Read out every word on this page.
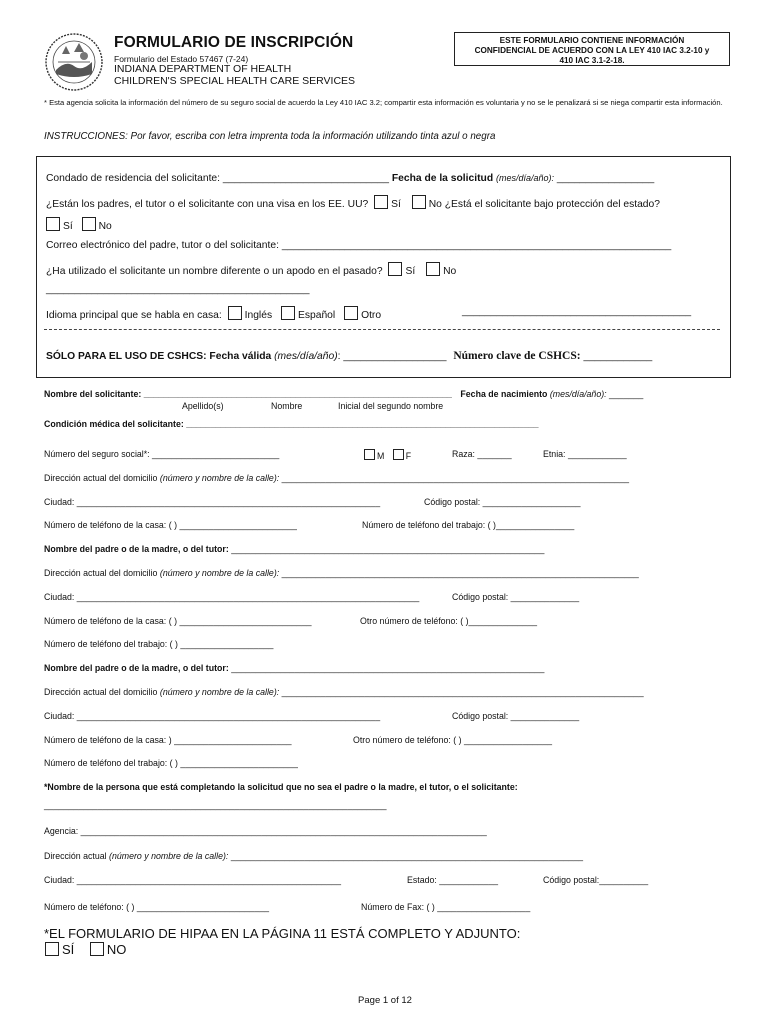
FORMULARIO DE INSCRIPCIÓN
Formulario del Estado 57467 (7-24)
INDIANA DEPARTMENT OF HEALTH
CHILDREN'S SPECIAL HEALTH CARE SERVICES
ESTE FORMULARIO CONTIENE INFORMACIÓN
CONFIDENCIAL DE ACUERDO CON LA LEY 410 IAC 3.2-10 y
410 IAC 3.1-2-18.
* Esta agencia solicita la información del número de su seguro social de acuerdo la Ley 410 IAC 3.2; compartir esta información es voluntaria y no se le penalizará si se niega compartir esta información.
INSTRUCCIONES: Por favor, escriba con letra imprenta toda la información utilizando tinta azul o negra
Condado de residencia del solicitante: _____________________________ Fecha de la solicitud (mes/día/año): _________________
¿Están los padres, el tutor o el solicitante con una visa en los EE. UU? Sí	No ¿Está el solicitante bajo protección del estado?
Sí	No
Correo electrónico del padre, tutor o del solicitante: ____________________________________________________________________
¿Ha utilizado el solicitante un nombre diferente o un apodo en el pasado? Sí	No
______________________________________________
Idioma principal que se habla en casa: Inglés	Español	Otro	________________________________________
SÓLO PARA EL USO DE CSHCS: Fecha válida (mes/día/año): __________________ Número clave de CSHCS: ____________
Nombre del solicitante: _______________________________________________________________ Fecha de nacimiento (mes/día/año): _______
Apellido(s)	Nombre	Inicial del segundo nombre
Condición médica del solicitante: ________________________________________________________________________
Número del seguro social*: __________________________	M F	Raza: _______	Etnia: ____________
Dirección actual del domicilio (número y nombre de la calle): _______________________________________________________________________
Ciudad: ______________________________________________________________	Código postal: ____________________
Número de teléfono de la casa: ( ) ________________________	Número de teléfono del trabajo: ( )________________
Nombre del padre o de la madre, o del tutor: ________________________________________________________________
Dirección actual del domicilio (número y nombre de la calle): _________________________________________________________________________
Ciudad: ______________________________________________________________________	Código postal: ______________
Número de teléfono de la casa: ( ) ___________________________	Otro número de teléfono: ( )______________
Número de teléfono del trabajo: ( ) ___________________
Nombre del padre o de la madre, o del tutor: ________________________________________________________________
Dirección actual del domicilio (número y nombre de la calle): __________________________________________________________________________
Ciudad: ______________________________________________________________	Código postal: ______________
Número de teléfono de la casa: ) ________________________	Otro número de teléfono: ( ) __________________
Número de teléfono del trabajo: ( ) ________________________
*Nombre de la persona que está completando la solicitud que no sea el padre o la madre, el tutor, o el solicitante:
______________________________________________________________________
Agencia: ___________________________________________________________________________________
Dirección actual (número y nombre de la calle): ________________________________________________________________________
Ciudad: ______________________________________________________	Estado: ____________	Código postal:__________
Número de teléfono: ( ) ___________________________	Número de Fax: ( ) ___________________
*EL FORMULARIO DE HIPAA EN LA PÁGINA 11 ESTÁ COMPLETO Y ADJUNTO:
SÍ	NO
Page 1 of 12
